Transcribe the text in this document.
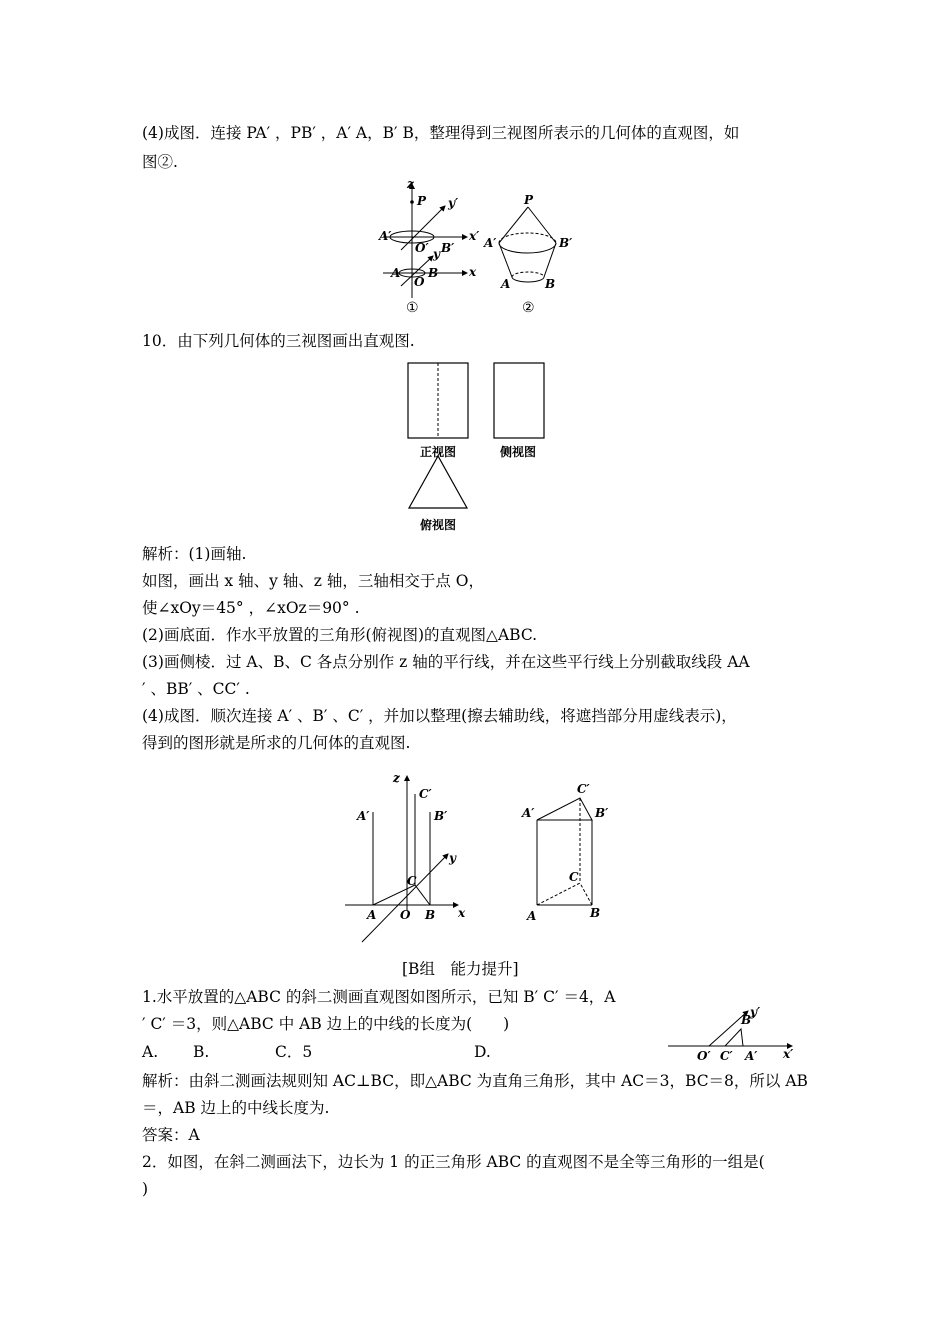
(4)成图．连接 PA′ ，PB′ ，A′ A，B′ B，整理得到三视图所表示的几何体的直观图，如
图②.
z
P y′
x′
A′
O′ B′
y
A
O
B	x
①
P
A′	B′
A	B
②
10．由下列几何体的三视图画出直观图.
正视图	侧视图
俯视图
解析：(1)画轴.
如图，画出 x 轴、y 轴、z 轴，三轴相交于点 O，
使∠xOy＝45° ，∠xOz＝90° .
(2)画底面．作水平放置的三角形(俯视图)的直观图△ABC.
(3)画侧棱．过 A、B、C 各点分别作 z 轴的平行线，并在这些平行线上分别截取线段 AA
′ 、BB′ 、CC′ .
(4)成图．顺次连接 A′ 、B′ 、C′ ，并加以整理(擦去辅助线，将遮挡部分用虚线表示)，
得到的图形就是所求的几何体的直观图.
z
C′
A′	B′
y
C
A O B x
C′
A′	B′
C
A	B
[B组　能力提升]
1.水平放置的△ABC 的斜二测画直观图如图所示，已知 B′ C′ ＝4，A
′ C′ ＝3，则△ABC 中 AB 边上的中线的长度为(　　)
A. B.	C．5	D.
y′
B′
O′ C′ A′ x′
解析：由斜二测画法规则知 AC⊥BC，即△ABC 为直角三角形，其中 AC＝3，BC＝8，所以 AB
＝，AB 边上的中线长度为.
答案：A
2．如图，在斜二测画法下，边长为 1 的正三角形 ABC 的直观图不是全等三角形的一组是(
)
